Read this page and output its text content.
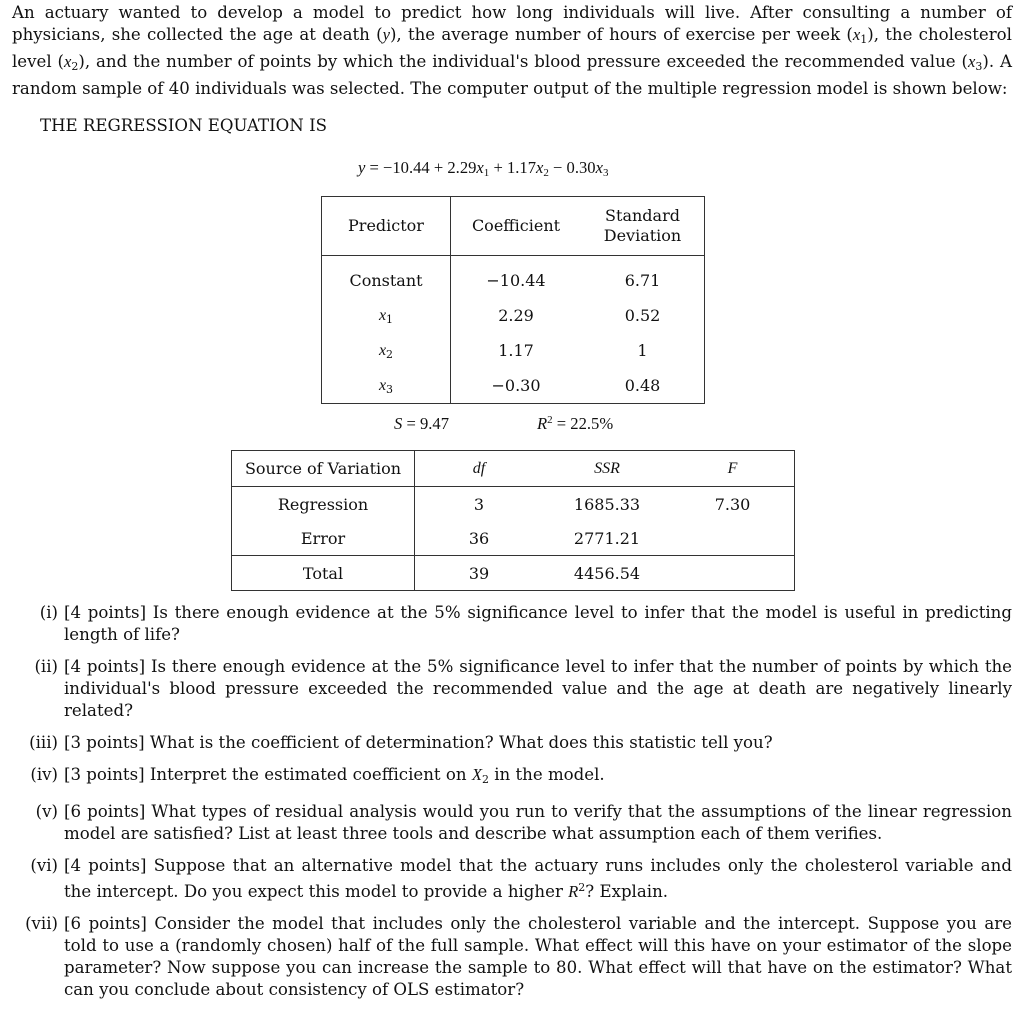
An actuary wanted to develop a model to predict how long individuals will live. After consulting a number of physicians, she collected the age at death (y), the average number of hours of exercise per week $(x_1)$, the cholesterol level $(x_2)$, and the number of points by which the individual's blood pressure exceeded the recommended value $(x_3)$. A random sample of 40 individuals was selected. The computer output of the multiple regression model is shown below:
THE REGRESSION EQUATION IS
$y = -10.44 + 2.29x_1 + 1.17x_2 - 0.30x_3$
Predictor	Coefficient	Standard
Deviation
Constant	−10.44	6.71
$x_1$	2.29	0.52
$x_2$	1.17	1
$x_3$	−0.30	0.48
S = 9.47	$R^2 = 22.5\%$
Source of Variation	df	SSR	F
Regression	3	1685.33	7.30
Error	36	2771.21	
Total	39	4456.54	
(i) [4 points] Is there enough evidence at the 5% significance level to infer that the model is useful in predicting length of life?
(ii) [4 points] Is there enough evidence at the 5% significance level to infer that the number of points by which the individual's blood pressure exceeded the recommended value and the age at death are negatively linearly related?
(iii) [3 points] What is the coefficient of determination? What does this statistic tell you?
(iv) [3 points] Interpret the estimated coefficient on $X_2$ in the model.
(v) [6 points] What types of residual analysis would you run to verify that the assumptions of the linear regression model are satisfied? List at least three tools and describe what assumption each of them verifies.
(vi) [4 points] Suppose that an alternative model that the actuary runs includes only the cholesterol variable and the intercept. Do you expect this model to provide a higher $R^2$? Explain.
(vii) [6 points] Consider the model that includes only the cholesterol variable and the intercept. Suppose you are told to use a (randomly chosen) half of the full sample. What effect will this have on your estimator of the slope parameter? Now suppose you can increase the sample to 80. What effect will that have on the estimator? What can you conclude about consistency of OLS estimator?
